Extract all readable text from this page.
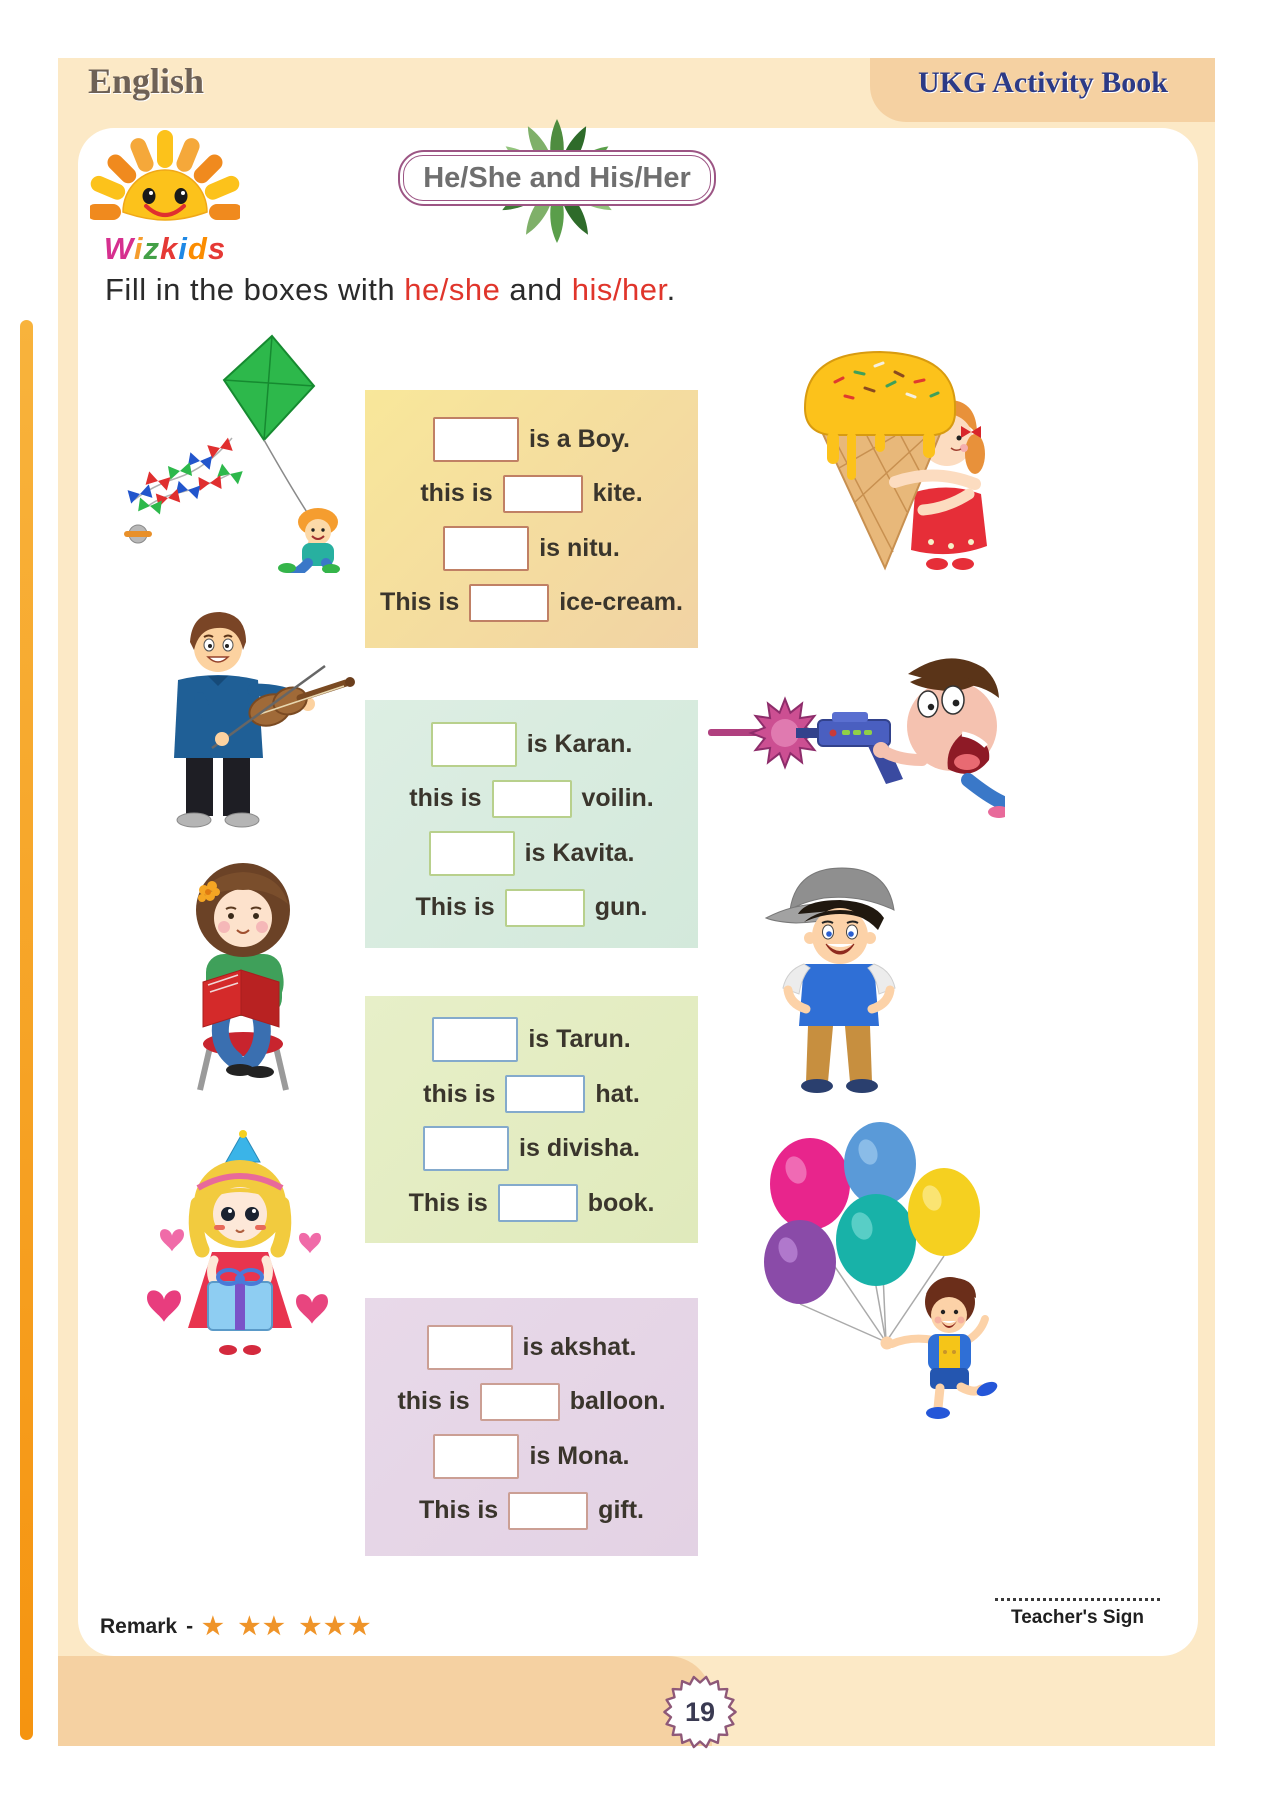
English	UKG Activity Book
Wizkids
He/She and His/Her
Fill in the boxes with he/she and his/her.
is a Boy.
this is	kite.
is nitu.
This is	ice-cream.
is Karan.
this is	voilin.
is Kavita.
This is	gun.
is Tarun.
this is	hat.
is divisha.
This is	book.
is akshat.
this is	balloon.
is Mona.
This is	gift.
Remark - ★ ★★ ★★★	Teacher's Sign
19
